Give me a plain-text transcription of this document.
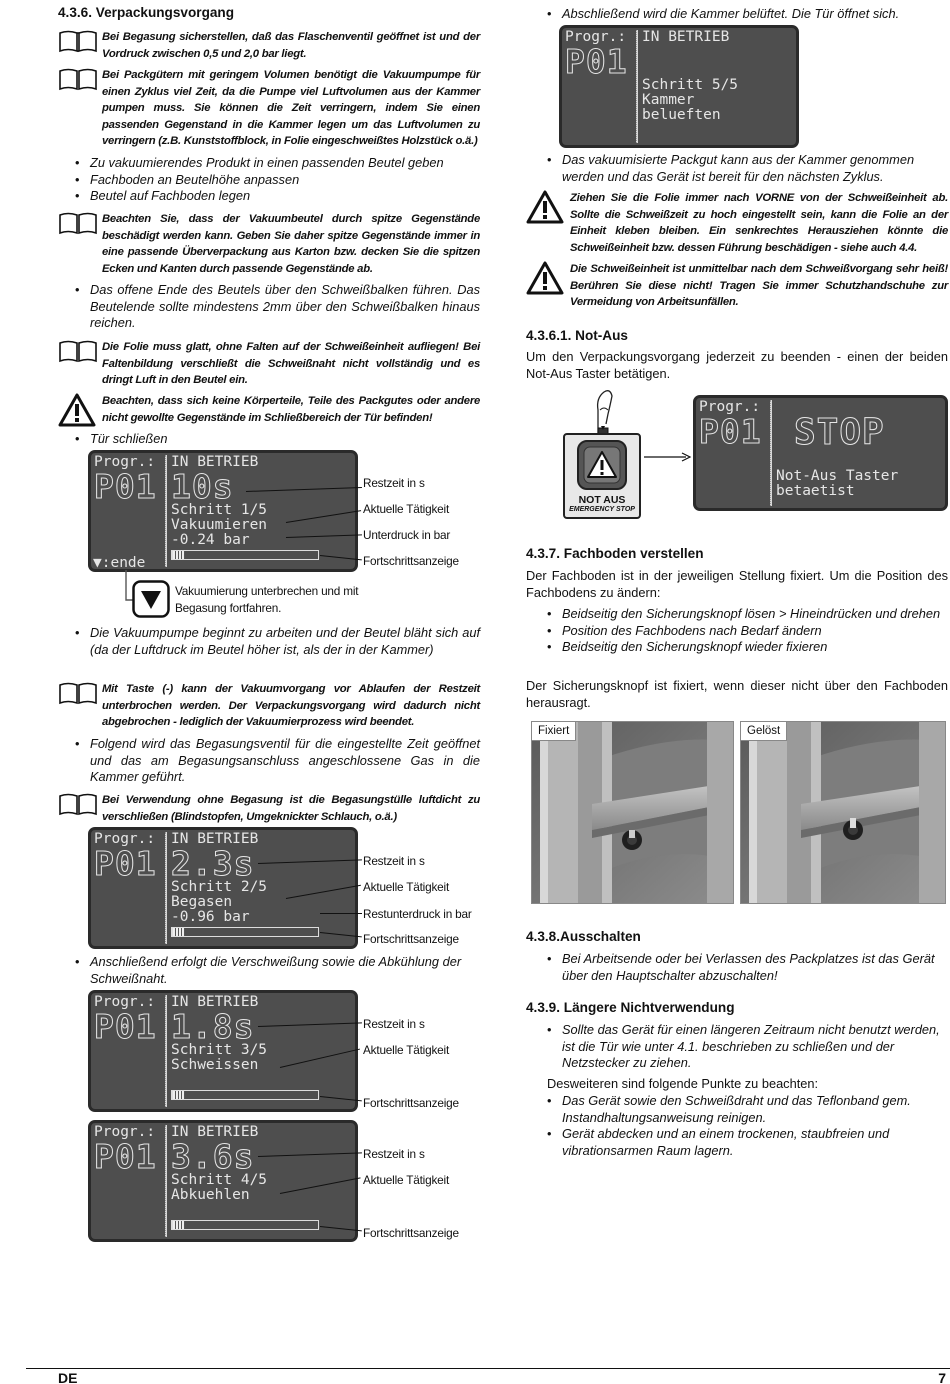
4.3.6. Verpackungsvorgang
Bei Begasung sicherstellen, daß das Flaschenventil geöffnet ist und der Vordruck zwischen 0,5 und 2,0 bar liegt.
Bei Packgütern mit geringem Volumen benötigt die Vakuumpumpe für einen Zyklus viel Zeit, da die Pumpe viel Luftvolumen aus der Kammer pumpen muss. Sie können die Zeit verringern, indem Sie einen passenden Gegenstand in die Kammer legen um das Luftvolumen zu verringern (z.B. Kunststoffblock, in Folie eingeschweißtes Holzstück o.ä.)
• Zu vakuumierendes Produkt in einen passenden Beutel geben
• Fachboden an Beutelhöhe anpassen
• Beutel auf Fachboden legen
Beachten Sie, dass der Vakuumbeutel durch spitze Gegenstände beschädigt werden kann. Geben Sie daher spitze Gegenstände immer in eine passende Überverpackung aus Karton bzw. decken Sie die spitzen Ecken und Kanten durch passende Gegenstände ab.
• Das offene Ende des Beutels über den Schweißbalken führen. Das Beutelende sollte mindestens 2mm über den Schweißbalken hinaus reichen.
Die Folie muss glatt, ohne Falten auf der Schweißeinheit aufliegen! Bei Faltenbildung verschließt die Schweißnaht nicht vollständig und es dringt Luft in den Beutel ein.
Beachten, dass sich keine Körperteile, Teile des Packgutes oder andere nicht gewollte Gegenstände im Schließbereich der Tür befinden!
• Tür schließen
Progr.:
P01
▼:ende
IN BETRIEB
10s
Schritt 1/5
Vakuumieren
-0.24 bar
Restzeit in s
Aktuelle Tätigkeit
Unterdruck in bar
Fortschrittsanzeige
Vakuumierung unterbrechen und mit Begasung fortfahren.
• Die Vakuumpumpe beginnt zu arbeiten und der Beutel bläht sich auf (da der Luftdruck im Beutel höher ist, als der in der Kammer)
Mit Taste (-) kann der Vakuumvorgang vor Ablaufen der Restzeit unterbrochen werden. Der Verpackungsvorgang wird dadurch nicht abgebrochen - lediglich der Vakuumierprozess wird beendet.
• Folgend wird das Begasungsventil für die eingestellte Zeit geöffnet und das am Begasungsanschluss angeschlossene Gas in die Kammer geführt.
Bei Verwendung ohne Begasung ist die Begasungstülle luftdicht zu verschließen (Blindstopfen, Umgeknickter Schlauch, o.ä.)
Progr.:
P01
IN BETRIEB
2.3s
Schritt 2/5
Begasen
-0.96 bar
Restzeit in s
Aktuelle Tätigkeit
Restunterdruck in bar
Fortschrittsanzeige
• Anschließend erfolgt die Verschweißung sowie die Abkühlung der Schweißnaht.
Progr.:
P01
IN BETRIEB
1.8s
Schritt 3/5
Schweissen
Restzeit in s
Aktuelle Tätigkeit
Fortschrittsanzeige
Progr.:
P01
IN BETRIEB
3.6s
Schritt 4/5
Abkuehlen
Restzeit in s
Aktuelle Tätigkeit
Fortschrittsanzeige
• Abschließend wird die Kammer belüftet. Die Tür öffnet sich.
Progr.:
P01
IN BETRIEB
Schritt 5/5
Kammer
belueften
• Das vakuumisierte Packgut kann aus der Kammer genommen werden und das Gerät ist bereit für den nächsten Zyklus.
Ziehen Sie die Folie immer nach VORNE von der Schweißeinheit ab. Sollte die Schweißzeit zu hoch eingestellt sein, kann die Folie an der Einheit kleben bleiben. Ein senkrechtes Herausziehen könnte die Schweißeinheit bzw. dessen Führung beschädigen - siehe auch 4.4.
Die Schweißeinheit ist unmittelbar nach dem Schweißvorgang sehr heiß! Berühren Sie diese nicht! Tragen Sie immer Schutzhandschuhe zur Vermeidung von Arbeitsunfällen.
4.3.6.1. Not-Aus
Um den Verpackungsvorgang jederzeit zu beenden - einen der beiden Not-Aus Taster betätigen.
NOT AUS
EMERGENCY STOP
Progr.:
P01 STOP
Not-Aus Taster
betaetist
4.3.7. Fachboden verstellen
Der Fachboden ist in der jeweiligen Stellung fixiert. Um die Position des Fachbodens zu ändern:
• Beidseitig den Sicherungsknopf lösen > Hineindrücken und drehen
• Position des Fachbodens nach Bedarf ändern
• Beidseitig den Sicherungsknopf wieder fixieren
Der Sicherungsknopf ist fixiert, wenn dieser nicht über den Fachboden herausragt.
Fixiert	Gelöst
4.3.8.Ausschalten
• Bei Arbeitsende oder bei Verlassen des Packplatzes ist das Gerät über den Hauptschalter abzuschalten!
4.3.9. Längere Nichtverwendung
• Sollte das Gerät für einen längeren Zeitraum nicht benutzt werden, ist die Tür wie unter 4.1. beschrieben zu schließen und der Netzstecker zu ziehen.
Desweiteren sind folgende Punkte zu beachten:
• Das Gerät sowie den Schweißdraht und das Teflonband gem. Instandhaltungsanweisung reinigen.
• Gerät abdecken und an einem trockenen, staubfreien und vibrationsarmen Raum lagern.
DE	7
